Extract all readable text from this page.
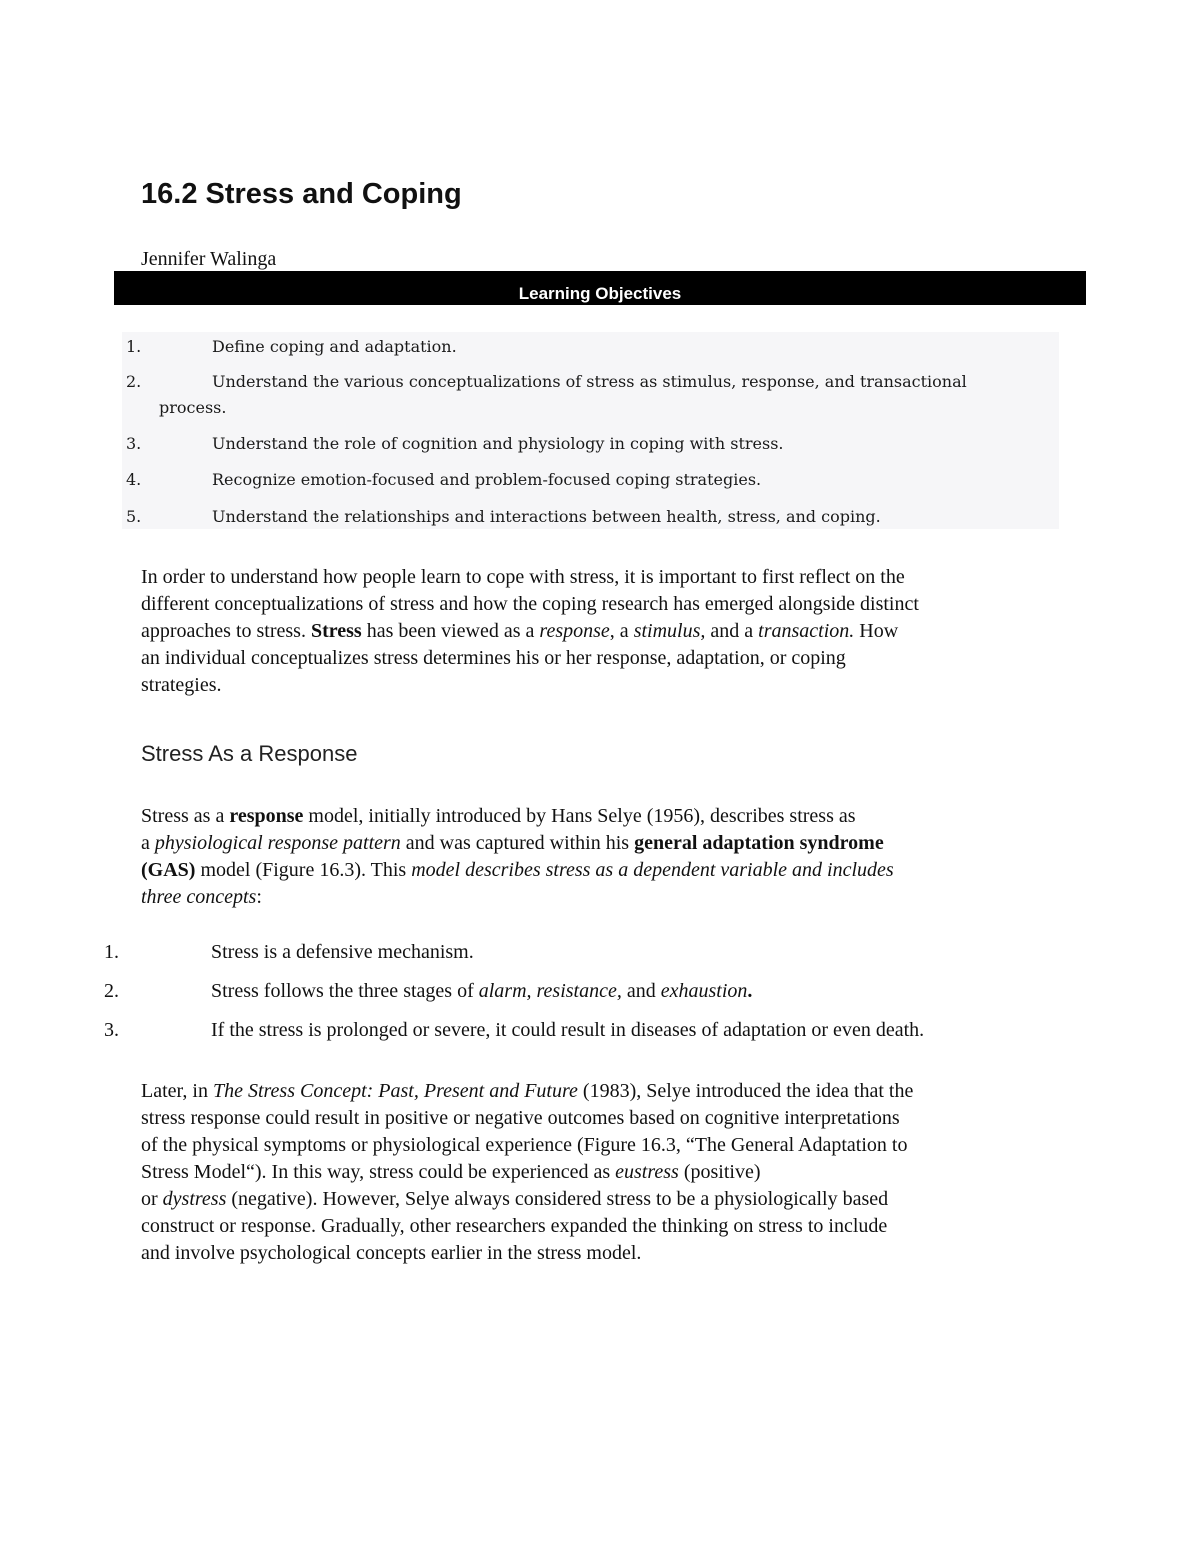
16.2 Stress and Coping
Jennifer Walinga
Learning Objectives
1.	Define coping and adaptation.
2.	Understand the various conceptualizations of stress as stimulus, response, and transactional
process.
3.	Understand the role of cognition and physiology in coping with stress.
4.	Recognize emotion-focused and problem-focused coping strategies.
5.	Understand the relationships and interactions between health, stress, and coping.

In order to understand how people learn to cope with stress, it is important to first reflect on the
different conceptualizations of stress and how the coping research has emerged alongside distinct
approaches to stress. Stress has been viewed as a response, a stimulus, and a transaction. How
an individual conceptualizes stress determines his or her response, adaptation, or coping
strategies.

Stress As a Response

Stress as a response model, initially introduced by Hans Selye (1956), describes stress as
a physiological response pattern and was captured within his general adaptation syndrome
(GAS) model (Figure 16.3). This model describes stress as a dependent variable and includes
three concepts:

1.	Stress is a defensive mechanism.
2.	Stress follows the three stages of alarm, resistance, and exhaustion.
3.	If the stress is prolonged or severe, it could result in diseases of adaptation or even death.

Later, in The Stress Concept: Past, Present and Future (1983), Selye introduced the idea that the
stress response could result in positive or negative outcomes based on cognitive interpretations
of the physical symptoms or physiological experience (Figure 16.3, “The General Adaptation to
Stress Model“). In this way, stress could be experienced as eustress (positive)
or dystress (negative). However, Selye always considered stress to be a physiologically based
construct or response. Gradually, other researchers expanded the thinking on stress to include
and involve psychological concepts earlier in the stress model.
